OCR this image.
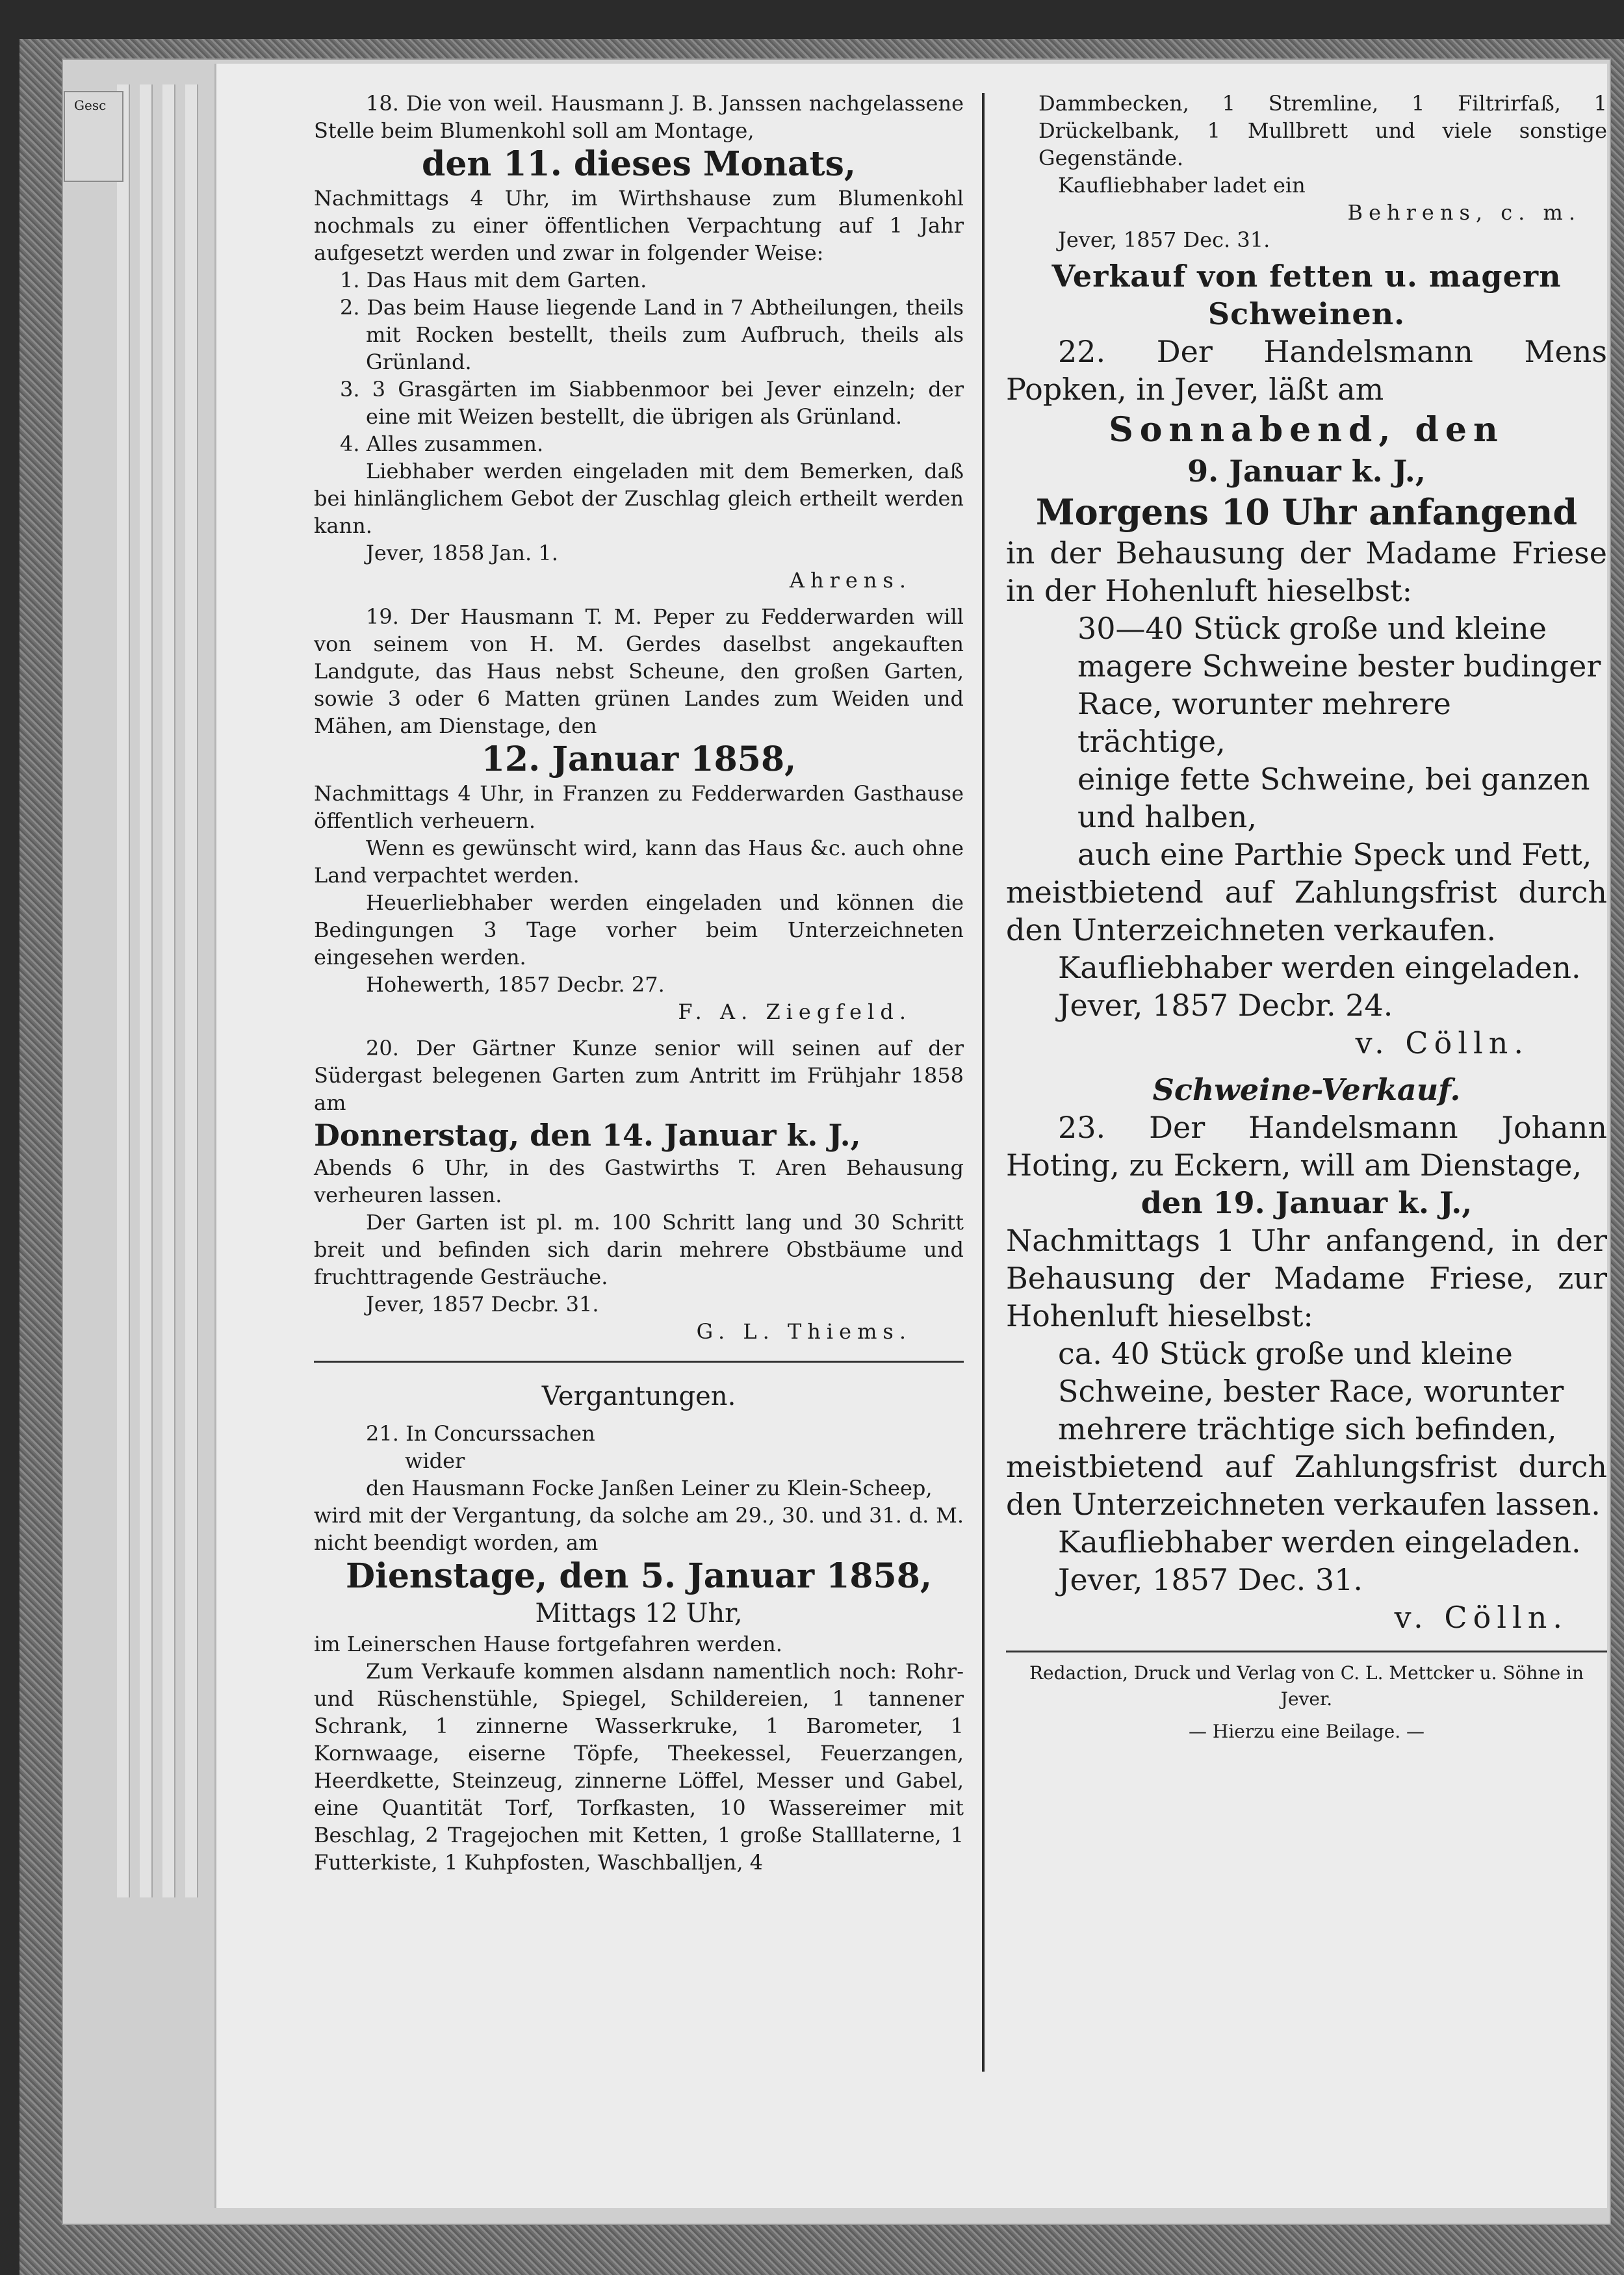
Gesc	18. Die von weil. Hausmann J. B. Janssen nachgelassene Stelle beim Blumenkohl soll am Montage,

den 11. dieses Monats,

Nachmittags 4 Uhr, im Wirthshause zum Blumenkohl nochmals zu einer öffentlichen Verpachtung auf 1 Jahr aufgesetzt werden und zwar in folgender Weise:

1. Das Haus mit dem Garten.

2. Das beim Hause liegende Land in 7 Abtheilungen, theils mit Rocken bestellt, theils zum Aufbruch, theils als Grünland.

3. 3 Grasgärten im Siabbenmoor bei Jever einzeln; der eine mit Weizen bestellt, die übrigen als Grünland.

4. Alles zusammen.

Liebhaber werden eingeladen mit dem Bemerken, daß bei hinlänglichem Gebot der Zuschlag gleich ertheilt werden kann.

Jever, 1858 Jan. 1.

Ahrens.

19. Der Hausmann T. M. Peper zu Fedderwarden will von seinem von H. M. Gerdes daselbst angekauften Landgute, das Haus nebst Scheune, den großen Garten, sowie 3 oder 6 Matten grünen Landes zum Weiden und Mähen, am Dienstage, den

12. Januar 1858,

Nachmittags 4 Uhr, in Franzen zu Fedderwarden Gasthause öffentlich verheuern.

Wenn es gewünscht wird, kann das Haus &c. auch ohne Land verpachtet werden.

Heuerliebhaber werden eingeladen und können die Bedingungen 3 Tage vorher beim Unterzeichneten eingesehen werden.

Hohewerth, 1857 Decbr. 27.

F. A. Ziegfeld.

20. Der Gärtner Kunze senior will seinen auf der Südergast belegenen Garten zum Antritt im Frühjahr 1858 am

Donnerstag, den 14. Januar k. J.,

Abends 6 Uhr, in des Gastwirths T. Aren Behausung verheuren lassen.

Der Garten ist pl. m. 100 Schritt lang und 30 Schritt breit und befinden sich darin mehrere Obstbäume und fruchttragende Gesträuche.

Jever, 1857 Decbr. 31.

G. L. Thiems.

Vergantungen.

21. In Concurssachen

wider

den Hausmann Focke Janßen Leiner zu Klein-Scheep,

wird mit der Vergantung, da solche am 29., 30. und 31. d. M. nicht beendigt worden, am

Dienstage, den 5. Januar 1858,

Mittags 12 Uhr,

im Leinerschen Hause fortgefahren werden.

Zum Verkaufe kommen alsdann namentlich noch: Rohr- und Rüschenstühle, Spiegel, Schildereien, 1 tannener Schrank, 1 zinnerne Wasserkruke, 1 Barometer, 1 Kornwaage, eiserne Töpfe, Theekessel, Feuerzangen, Heerdkette, Steinzeug, zinnerne Löffel, Messer und Gabel, eine Quantität Torf, Torfkasten, 10 Wassereimer mit Beschlag, 2 Tragejochen mit Ketten, 1 große Stalllaterne, 1 Futterkiste, 1 Kuhpfosten, Waschballjen, 4

Dammbecken, 1 Stremline, 1 Filtrirfaß, 1 Drückelbank, 1 Mullbrett und viele sonstige Gegenstände.

Kaufliebhaber ladet ein

Behrens, c. m.

Jever, 1857 Dec. 31.

Verkauf von fetten u. magern Schweinen.

22. Der Handelsmann Mens Popken, in Jever, läßt am

Sonnabend, den

9. Januar k. J.,

Morgens 10 Uhr anfangend

in der Behausung der Madame Friese in der Hohenluft hieselbst:

30—40 Stück große und kleine magere Schweine bester budinger Race, worunter mehrere trächtige,

einige fette Schweine, bei ganzen und halben,

auch eine Parthie Speck und Fett,

meistbietend auf Zahlungsfrist durch den Unterzeichneten verkaufen.

Kaufliebhaber werden eingeladen.

Jever, 1857 Decbr. 24.

v. Cölln.

Schweine-Verkauf.

23. Der Handelsmann Johann Hoting, zu Eckern, will am Dienstage,

den 19. Januar k. J.,

Nachmittags 1 Uhr anfangend, in der Behausung der Madame Friese, zur Hohenluft hieselbst:

ca. 40 Stück große und kleine Schweine, bester Race, worunter mehrere trächtige sich befinden,

meistbietend auf Zahlungsfrist durch den Unterzeichneten verkaufen lassen.

Kaufliebhaber werden eingeladen.

Jever, 1857 Dec. 31.

v. Cölln.

Redaction, Druck und Verlag von C. L. Mettcker u. Söhne in Jever.

— Hierzu eine Beilage. —
